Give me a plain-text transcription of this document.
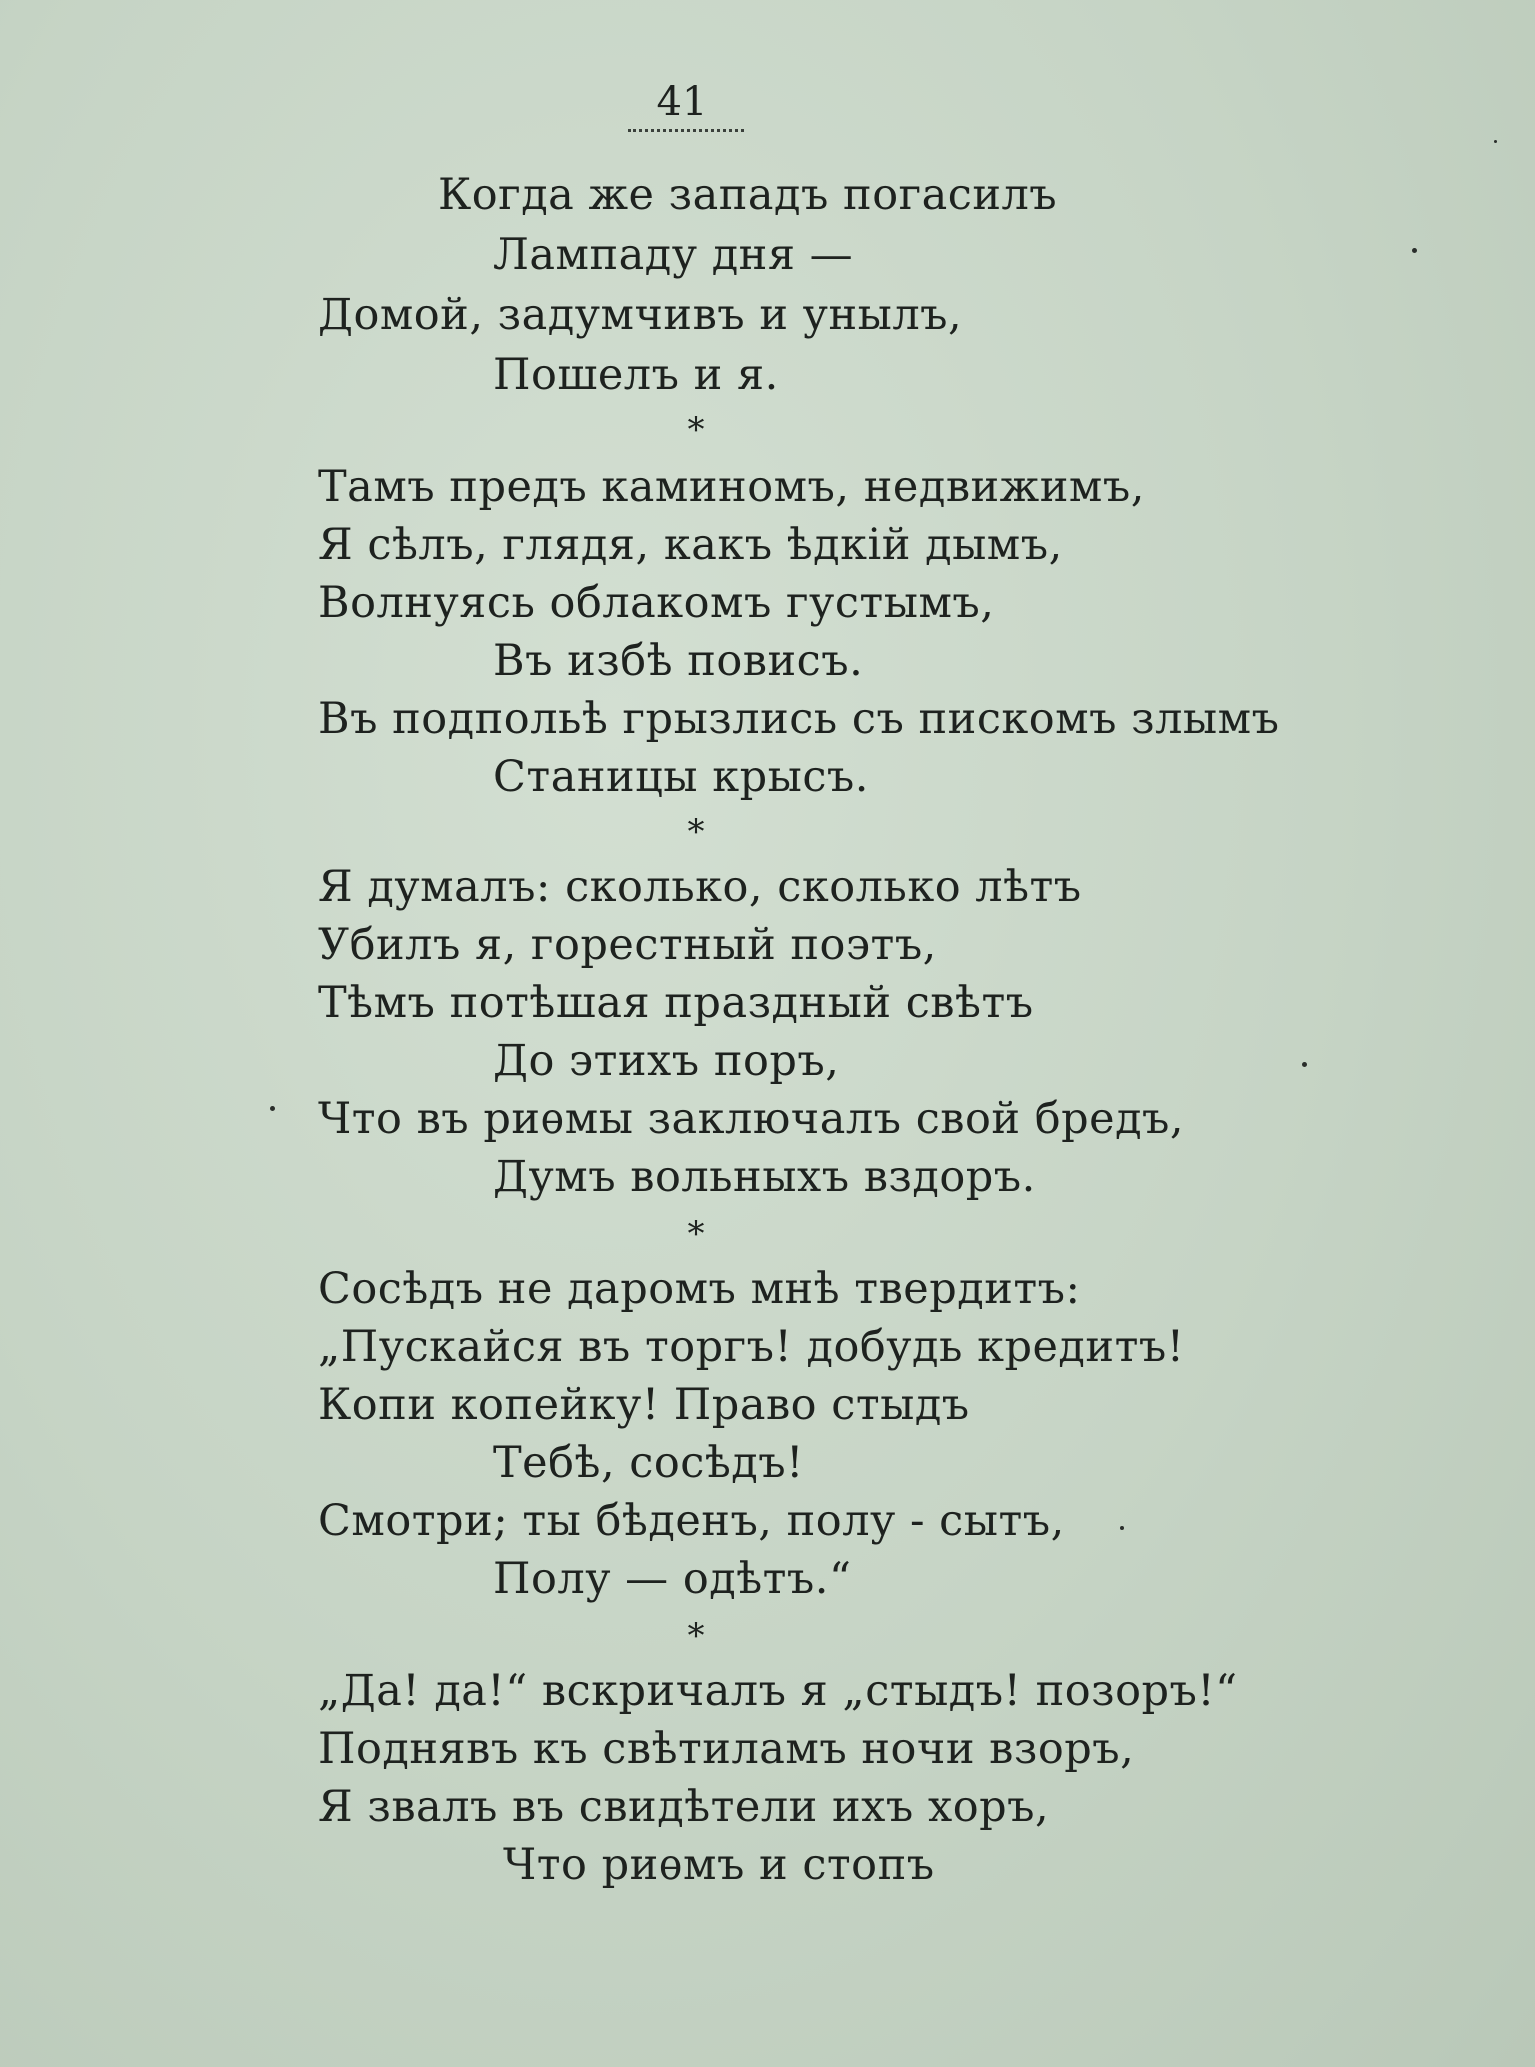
41
Когда же западъ погасилъ
Лампаду дня —
Домой, задумчивъ и унылъ,
Пошелъ и я.
*
Тамъ предъ каминомъ, недвижимъ,
Я сѣлъ, глядя, какъ ѣдкій дымъ,
Волнуясь облакомъ густымъ,
Въ избѣ повисъ.
Въ подпольѣ грызлись съ пискомъ злымъ
Станицы крысъ.
*
Я думалъ: сколько, сколько лѣтъ
Убилъ я, горестный поэтъ,
Тѣмъ потѣшая праздный свѣтъ
До этихъ поръ,
Что въ риѳмы заключалъ свой бредъ,
Думъ вольныхъ вздоръ.
*
Сосѣдъ не даромъ мнѣ твердитъ:
„Пускайся въ торгъ! добудь кредитъ!
Копи копейку! Право стыдъ
Тебѣ, сосѣдъ!
Смотри; ты бѣденъ, полу - сытъ,
Полу — одѣтъ.“
*
„Да! да!“ вскричалъ я „стыдъ! позоръ!“
Поднявъ къ свѣтиламъ ночи взоръ,
Я звалъ въ свидѣтели ихъ хоръ,
Что риѳмъ и стопъ
